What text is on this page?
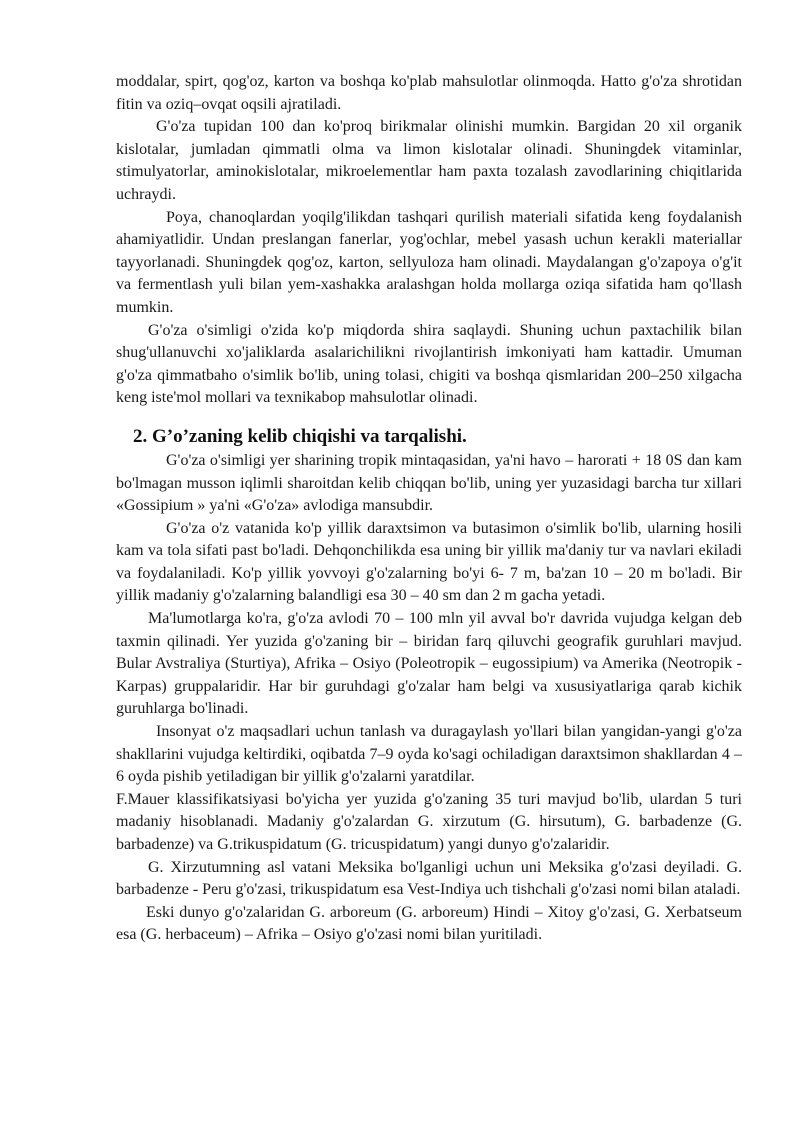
moddalar, spirt, qog'oz, karton va boshqa ko'plab mahsulotlar olinmoqda. Hatto g'o'za shrotidan fitin va oziq–ovqat oqsili ajratiladi.

G'o'za tupidan 100 dan ko'proq birikmalar olinishi mumkin. Bargidan 20 xil organik kislotalar, jumladan qimmatli olma va limon kislotalar olinadi. Shuningdek vitaminlar, stimulyatorlar, aminokislotalar, mikroelementlar ham paxta tozalash zavodlarining chiqitlarida uchraydi.

Poya, chanoqlardan yoqilg'ilikdan tashqari qurilish materiali sifatida keng foydalanish ahamiyatlidir. Undan preslangan fanerlar, yog'ochlar, mebel yasash uchun kerakli materiallar tayyorlanadi. Shuningdek qog'oz, karton, sellyuloza ham olinadi. Maydalangan g'o'zapoya o'g'it va fermentlash yuli bilan yem-xashakka aralashgan holda mollarga oziqa sifatida ham qo'llash mumkin.

G'o'za o'simligi o'zida ko'p miqdorda shira saqlaydi. Shuning uchun paxtachilik bilan shug'ullanuvchi xo'jaliklarda asalarichilikni rivojlantirish imkoniyati ham kattadir. Umuman g'o'za qimmatbaho o'simlik bo'lib, uning tolasi, chigiti va boshqa qismlaridan 200–250 xilgacha keng iste'mol mollari va texnikabop mahsulotlar olinadi.

2. G’o’zaning kelib chiqishi va tarqalishi.

G'o'za o'simligi yer sharining tropik mintaqasidan, ya'ni havo – harorati + 18 0S dan kam bo'lmagan musson iqlimli sharoitdan kelib chiqqan bo'lib, uning yer yuzasidagi barcha tur xillari «Gossipium » ya'ni «G'o'za» avlodiga mansubdir.

G'o'za o'z vatanida ko'p yillik daraxtsimon va butasimon o'simlik bo'lib, ularning hosili kam va tola sifati past bo'ladi. Dehqonchilikda esa uning bir yillik ma'daniy tur va navlari ekiladi va foydalaniladi. Ko'p yillik yovvoyi g'o'zalarning bo'yi 6- 7 m, ba'zan 10 – 20 m bo'ladi. Bir yillik madaniy g'o'zalarning balandligi esa 30 – 40 sm dan 2 m gacha yetadi.

Ma'lumotlarga ko'ra, g'o'za avlodi 70 – 100 mln yil avval bo'r davrida vujudga kelgan deb taxmin qilinadi. Yer yuzida g'o'zaning bir – biridan farq qiluvchi geografik guruhlari mavjud. Bular Avstraliya (Sturtiya), Afrika – Osiyo (Poleotropik – eugossipium) va Amerika (Neotropik - Karpas) gruppalaridir. Har bir guruhdagi g'o'zalar ham belgi va xususiyatlariga qarab kichik guruhlarga bo'linadi.

Insonyat o'z maqsadlari uchun tanlash va duragaylash yo'llari bilan yangidan-yangi g'o'za shakllarini vujudga keltirdiki, oqibatda 7–9 oyda ko'sagi ochiladigan daraxtsimon shakllardan 4 – 6 oyda pishib yetiladigan bir yillik g'o'zalarni yaratdilar.

F.Mauer klassifikatsiyasi bo'yicha yer yuzida g'o'zaning 35 turi mavjud bo'lib, ulardan 5 turi madaniy hisoblanadi. Madaniy g'o'zalardan G. xirzutum (G. hirsutum), G. barbadenze (G. barbadenze) va G.trikuspidatum (G. tricuspidatum) yangi dunyo g'o'zalaridir.

G. Xirzutumning asl vatani Meksika bo'lganligi uchun uni Meksika g'o'zasi deyiladi. G. barbadenze - Peru g'o'zasi, trikuspidatum esa Vest-Indiya uch tishchali g'o'zasi nomi bilan ataladi.

Eski dunyo g'o'zalaridan G. arboreum (G. arboreum) Hindi – Xitoy g'o'zasi, G. Xerbatseum esa (G. herbaceum) – Afrika – Osiyo g'o'zasi nomi bilan yuritiladi.
